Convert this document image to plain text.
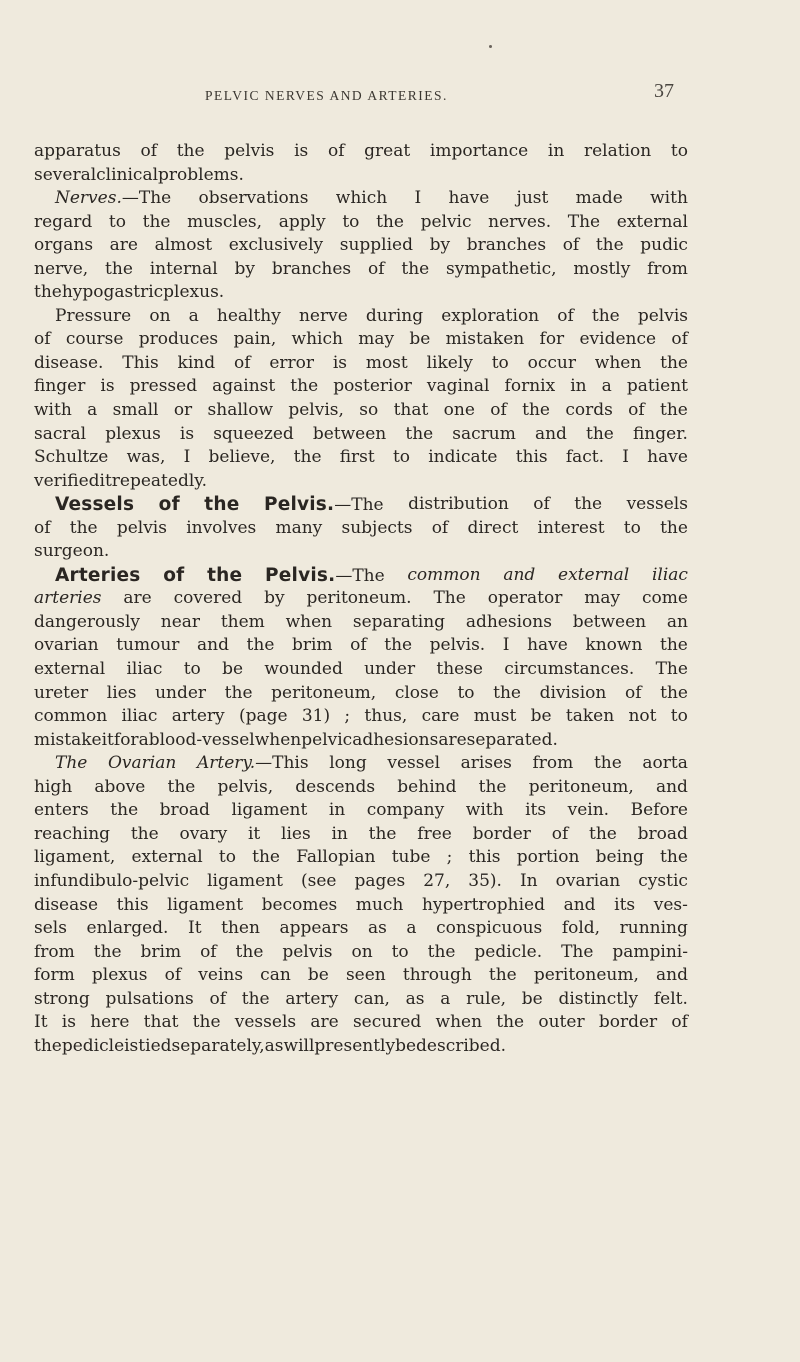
PELVIC NERVES AND ARTERIES.	37
apparatus of the pelvis is of great importance in relation to
several clinical problems.
Nerves.—The observations which I have just made with
regard to the muscles, apply to the pelvic nerves. The external
organs are almost exclusively supplied by branches of the pudic
nerve, the internal by branches of the sympathetic, mostly from
the hypogastric plexus.
Pressure on a healthy nerve during exploration of the pelvis
of course produces pain, which may be mistaken for evidence of
disease. This kind of error is most likely to occur when the
finger is pressed against the posterior vaginal fornix in a patient
with a small or shallow pelvis, so that one of the cords of the
sacral plexus is squeezed between the sacrum and the finger.
Schultze was, I believe, the first to indicate this fact. I have
verified it repeatedly.
Vessels of the Pelvis.—The distribution of the vessels
of the pelvis involves many subjects of direct interest to the
surgeon.
Arteries of the Pelvis.—The common and external iliac
arteries are covered by peritoneum. The operator may come
dangerously near them when separating adhesions between an
ovarian tumour and the brim of the pelvis. I have known the
external iliac to be wounded under these circumstances. The
ureter lies under the peritoneum, close to the division of the
common iliac artery (page 31) ; thus, care must be taken not to
mistake it for a blood-vessel when pelvic adhesions are separated.
The Ovarian Artery.—This long vessel arises from the aorta
high above the pelvis, descends behind the peritoneum, and
enters the broad ligament in company with its vein. Before
reaching the ovary it lies in the free border of the broad
ligament, external to the Fallopian tube ; this portion being the
infundibulo-pelvic ligament (see pages 27, 35). In ovarian cystic
disease this ligament becomes much hypertrophied and its ves-
sels enlarged. It then appears as a conspicuous fold, running
from the brim of the pelvis on to the pedicle. The pampini-
form plexus of veins can be seen through the peritoneum, and
strong pulsations of the artery can, as a rule, be distinctly felt.
It is here that the vessels are secured when the outer border of
the pedicle is tied separately, as will presently be described.
